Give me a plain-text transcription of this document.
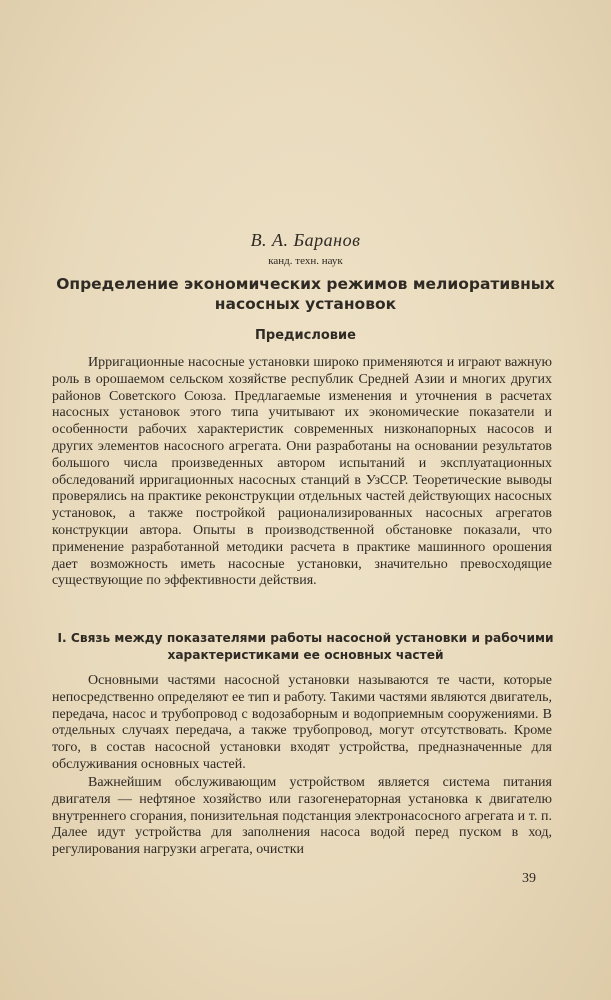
В. А. Баранов
канд. техн. наук
Определение экономических режимов мелиоративных насосных установок
Предисловие

Ирригационные насосные установки широко применяются и играют важную роль в орошаемом сельском хозяйстве республик Средней Азии и многих других районов Советского Союза. Предлагаемые изменения и уточнения в расчетах насосных установок этого типа учитывают их экономические показатели и особенности рабочих характеристик современных низконапорных насосов и других элементов насосного агрегата. Они разработаны на основании результатов большого числа произведенных автором испытаний и эксплуатационных обследований ирригационных насосных станций в УзССР. Теоретические выводы проверялись на практике реконструкции отдельных частей действующих насосных установок, а также постройкой рационализированных насосных агрегатов конструкции автора. Опыты в производственной обстановке показали, что применение разработанной методики расчета в практике машинного орошения дает возможность иметь насосные установки, значительно превосходящие существующие по эффективности действия.

I. Связь между показателями работы насосной установки и рабочими характеристиками ее основных частей

Основными частями насосной установки называются те части, которые непосредственно определяют ее тип и работу. Такими частями являются двигатель, передача, насос и трубопровод с водозаборным и водоприемным сооружениями. В отдельных случаях передача, а также трубопровод, могут отсутствовать. Кроме того, в состав насосной установки входят устройства, предназначенные для обслуживания основных частей.

Важнейшим обслуживающим устройством является система питания двигателя — нефтяное хозяйство или газогенераторная установка к двигателю внутреннего сгорания, понизительная подстанция электронасосного агрегата и т. п. Далее идут устройства для заполнения насоса водой перед пуском в ход, регулирования нагрузки агрегата, очистки

39
